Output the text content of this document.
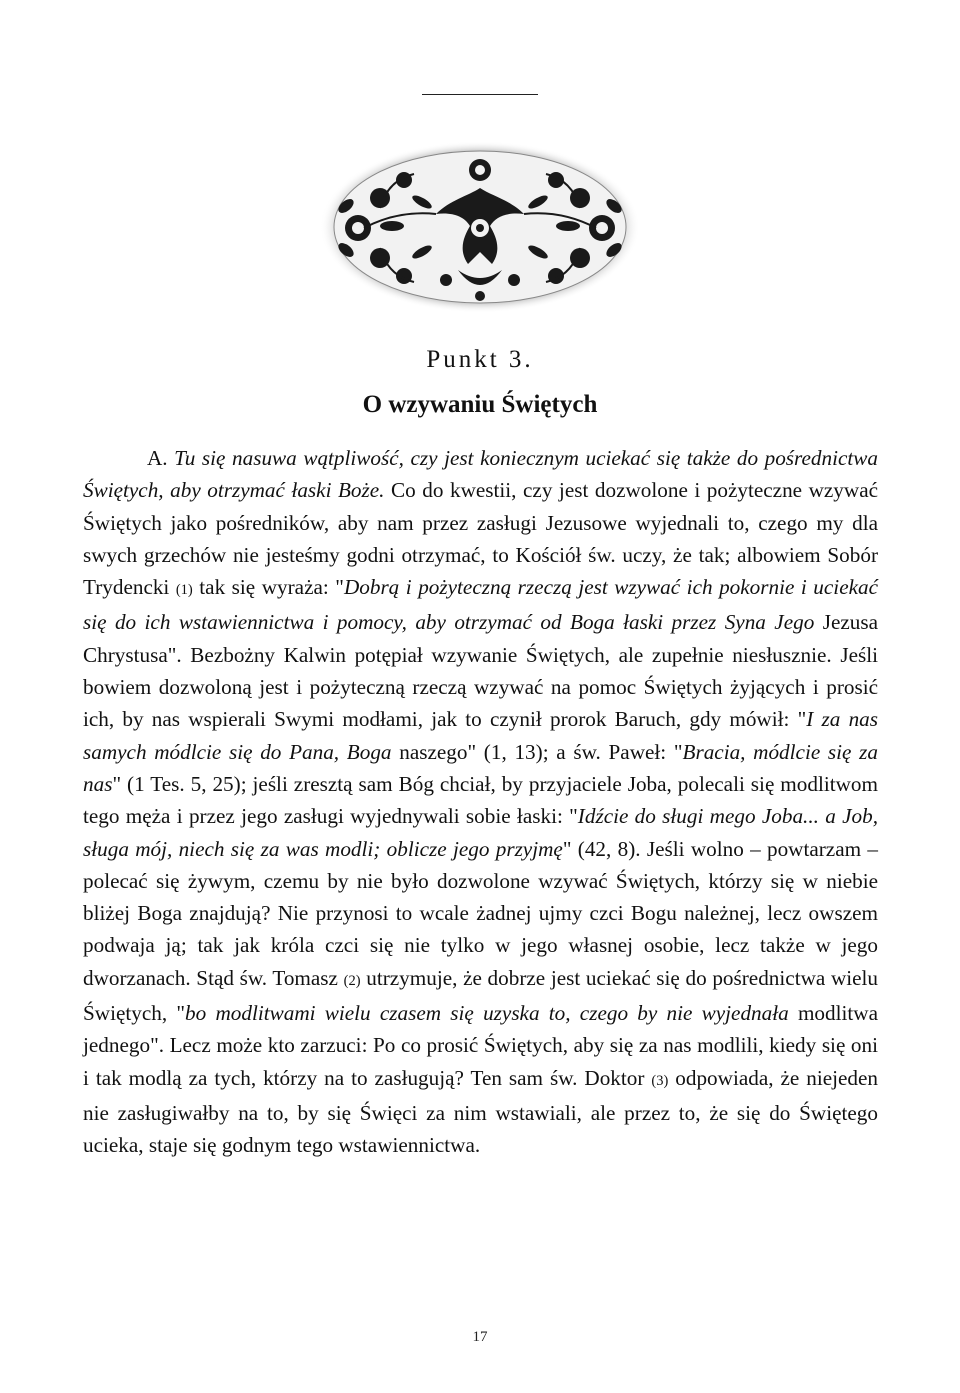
Punkt 3.
O wzywaniu Świętych

A. Tu się nasuwa wątpliwość, czy jest koniecznym uciekać się także do pośrednictwa Świętych, aby otrzymać łaski Boże. Co do kwestii, czy jest dozwolone i pożyteczne wzywać Świętych jako pośredników, aby nam przez zasługi Jezusowe wyjednali to, czego my dla swych grzechów nie jesteśmy godni otrzymać, to Kościół św. uczy, że tak; albowiem Sobór Trydencki (1) tak się wyraża: "Dobrą i pożyteczną rzeczą jest wzywać ich pokornie i uciekać się do ich wstawiennictwa i pomocy, aby otrzymać od Boga łaski przez Syna Jego Jezusa Chrystusa". Bezbożny Kalwin potępiał wzywanie Świętych, ale zupełnie niesłusznie. Jeśli bowiem dozwoloną jest i pożyteczną rzeczą wzywać na pomoc Świętych żyjących i prosić ich, by nas wspierali Swymi modłami, jak to czynił prorok Baruch, gdy mówił: "I za nas samych módlcie się do Pana, Boga naszego" (1, 13); a św. Paweł: "Bracia, módlcie się za nas" (1 Tes. 5, 25); jeśli zresztą sam Bóg chciał, by przyjaciele Joba, polecali się modlitwom tego męża i przez jego zasługi wyjednywali sobie łaski: "Idźcie do sługi mego Joba... a Job, sługa mój, niech się za was modli; oblicze jego przyjmę" (42, 8). Jeśli wolno – powtarzam – polecać się żywym, czemu by nie było dozwolone wzywać Świętych, którzy się w niebie bliżej Boga znajdują? Nie przynosi to wcale żadnej ujmy czci Bogu należnej, lecz owszem podwaja ją; tak jak króla czci się nie tylko w jego własnej osobie, lecz także w jego dworzanach. Stąd św. Tomasz (2) utrzymuje, że dobrze jest uciekać się do pośrednictwa wielu Świętych, "bo modlitwami wielu czasem się uzyska to, czego by nie wyjednała modlitwa jednego". Lecz może kto zarzuci: Po co prosić Świętych, aby się za nas modlili, kiedy się oni i tak modlą za tych, którzy na to zasługują? Ten sam św. Doktor (3) odpowiada, że niejeden nie zasługiwałby na to, by się Święci za nim wstawiali, ale przez to, że się do Świętego ucieka, staje się godnym tego wstawiennictwa.

17
